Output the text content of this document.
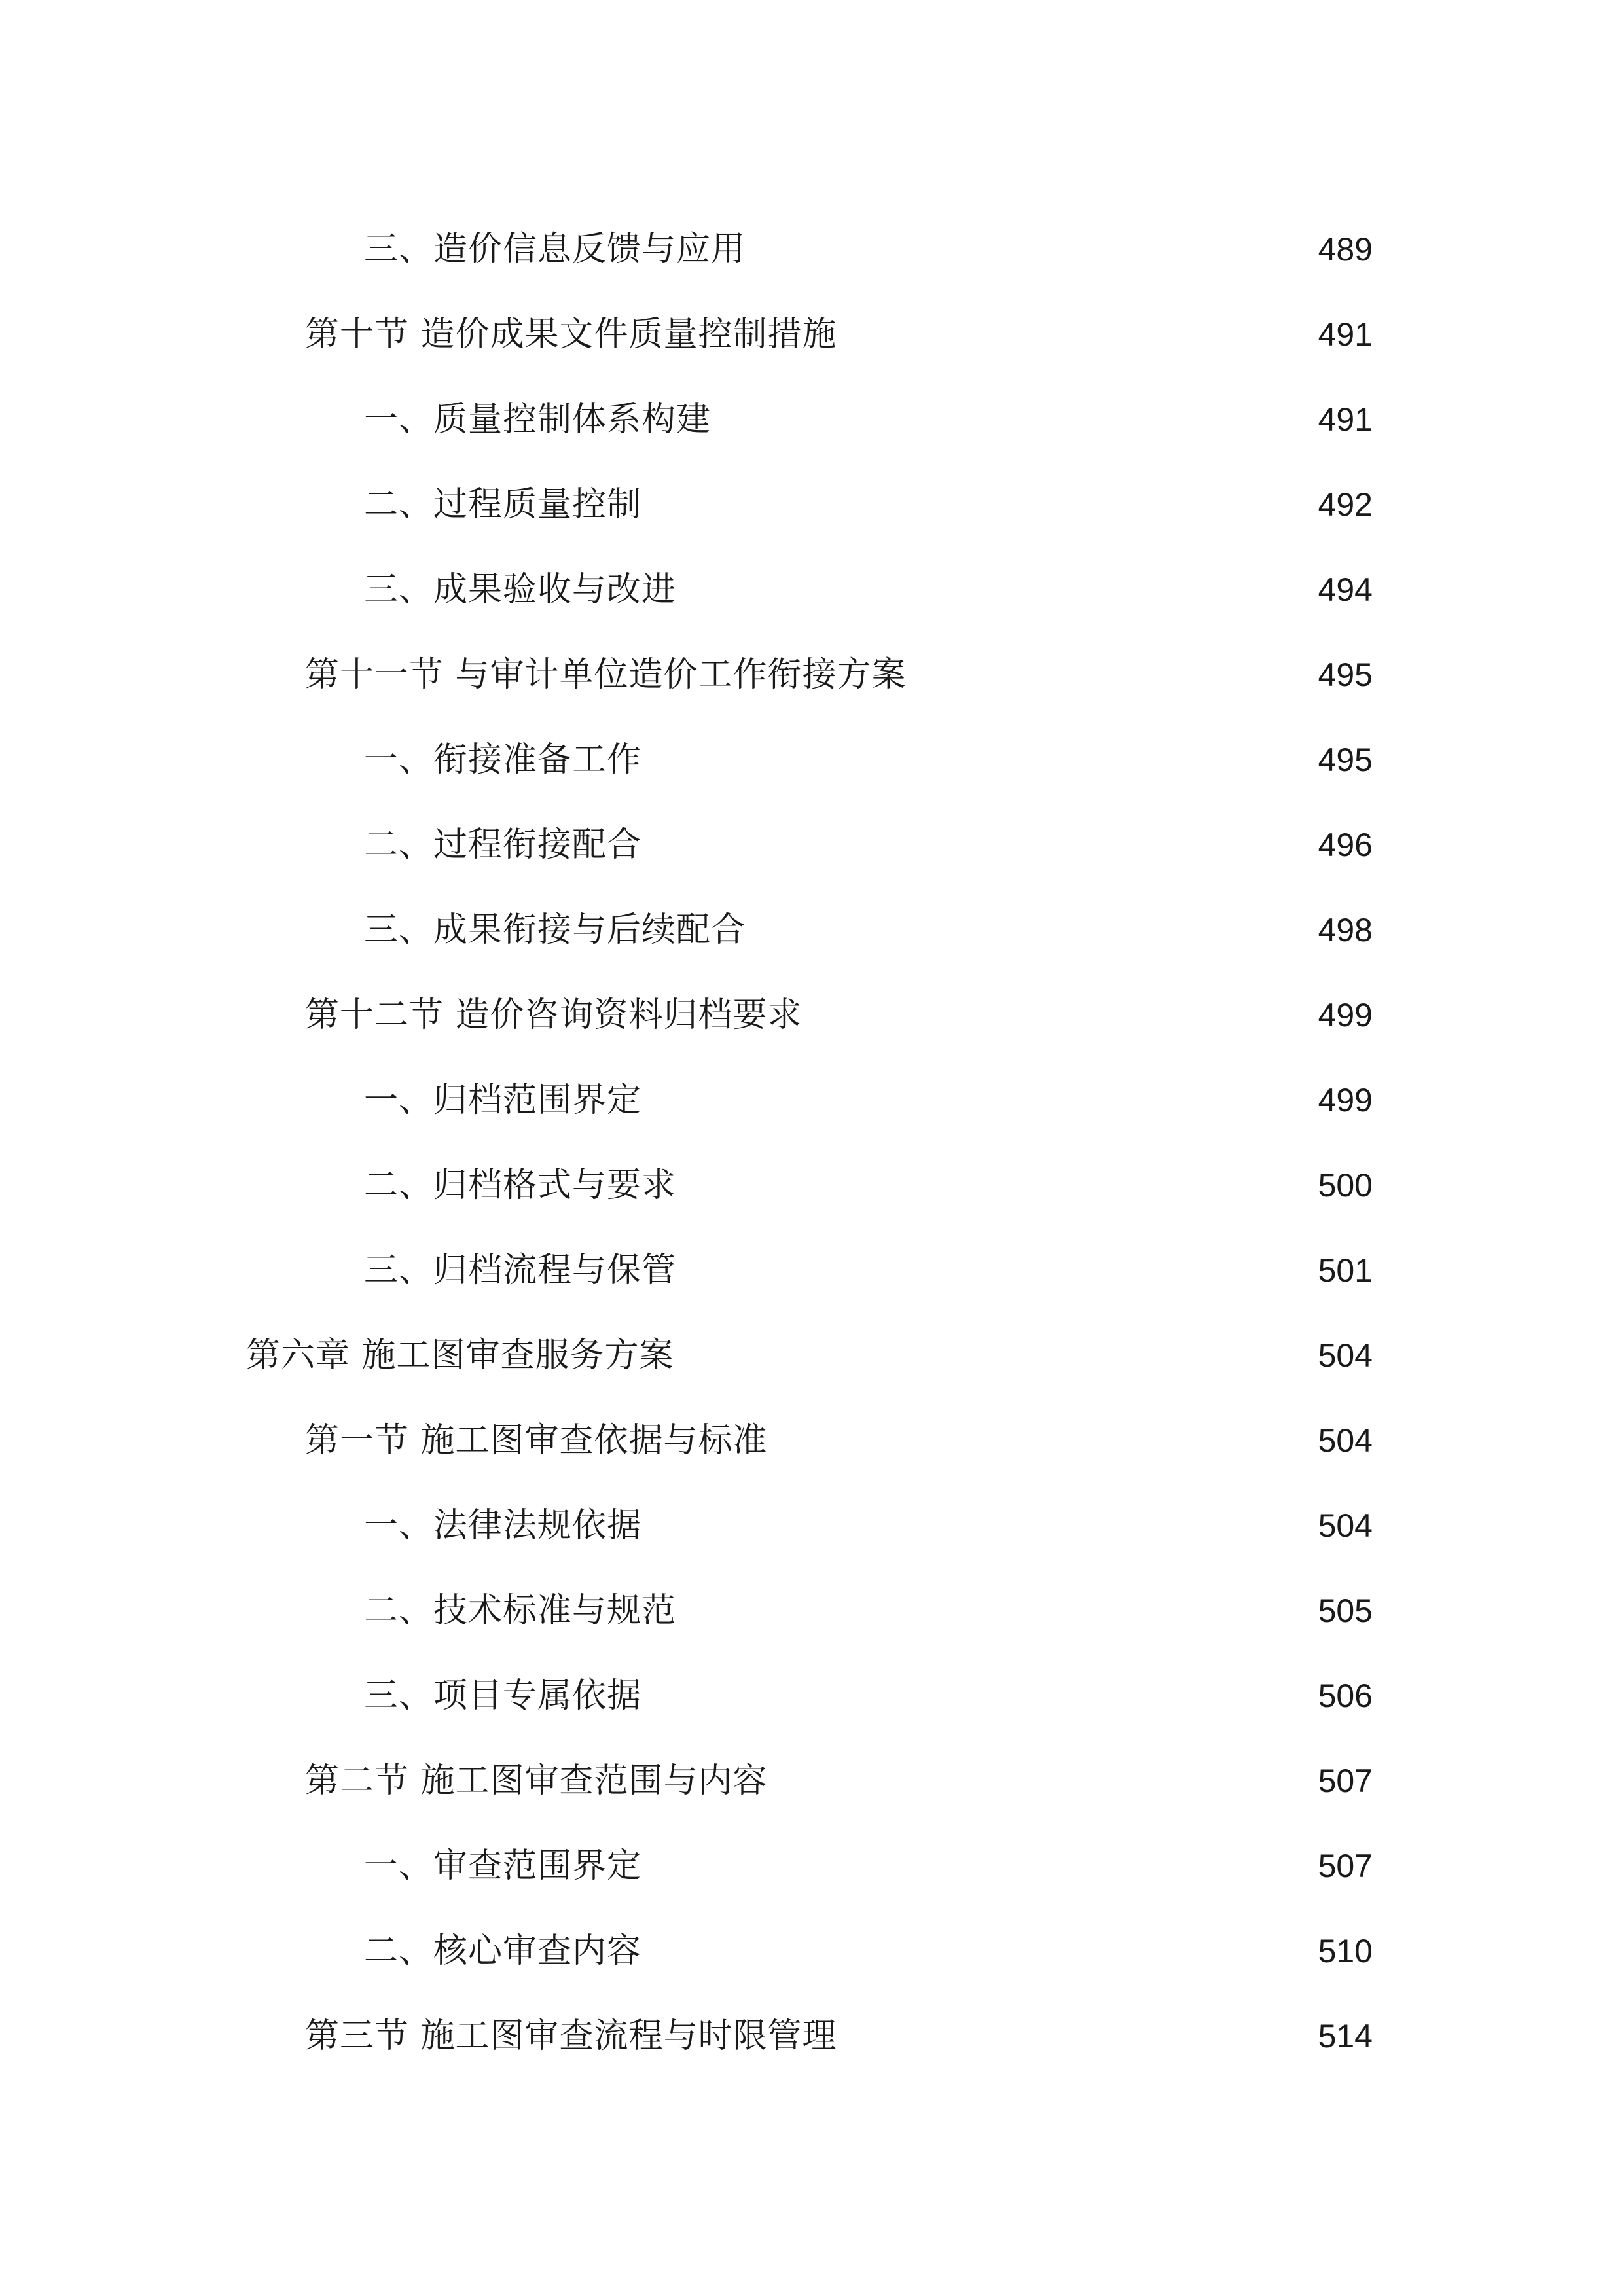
三、造价信息反馈与应用	489
第十节 造价成果文件质量控制措施	491
一、质量控制体系构建	491
二、过程质量控制	492
三、成果验收与改进	494
第十一节 与审计单位造价工作衔接方案	495
一、衔接准备工作	495
二、过程衔接配合	496
三、成果衔接与后续配合	498
第十二节 造价咨询资料归档要求	499
一、归档范围界定	499
二、归档格式与要求	500
三、归档流程与保管	501
第六章 施工图审查服务方案	504
第一节 施工图审查依据与标准	504
一、法律法规依据	504
二、技术标准与规范	505
三、项目专属依据	506
第二节 施工图审查范围与内容	507
一、审查范围界定	507
二、核心审查内容	510
第三节 施工图审查流程与时限管理	514
